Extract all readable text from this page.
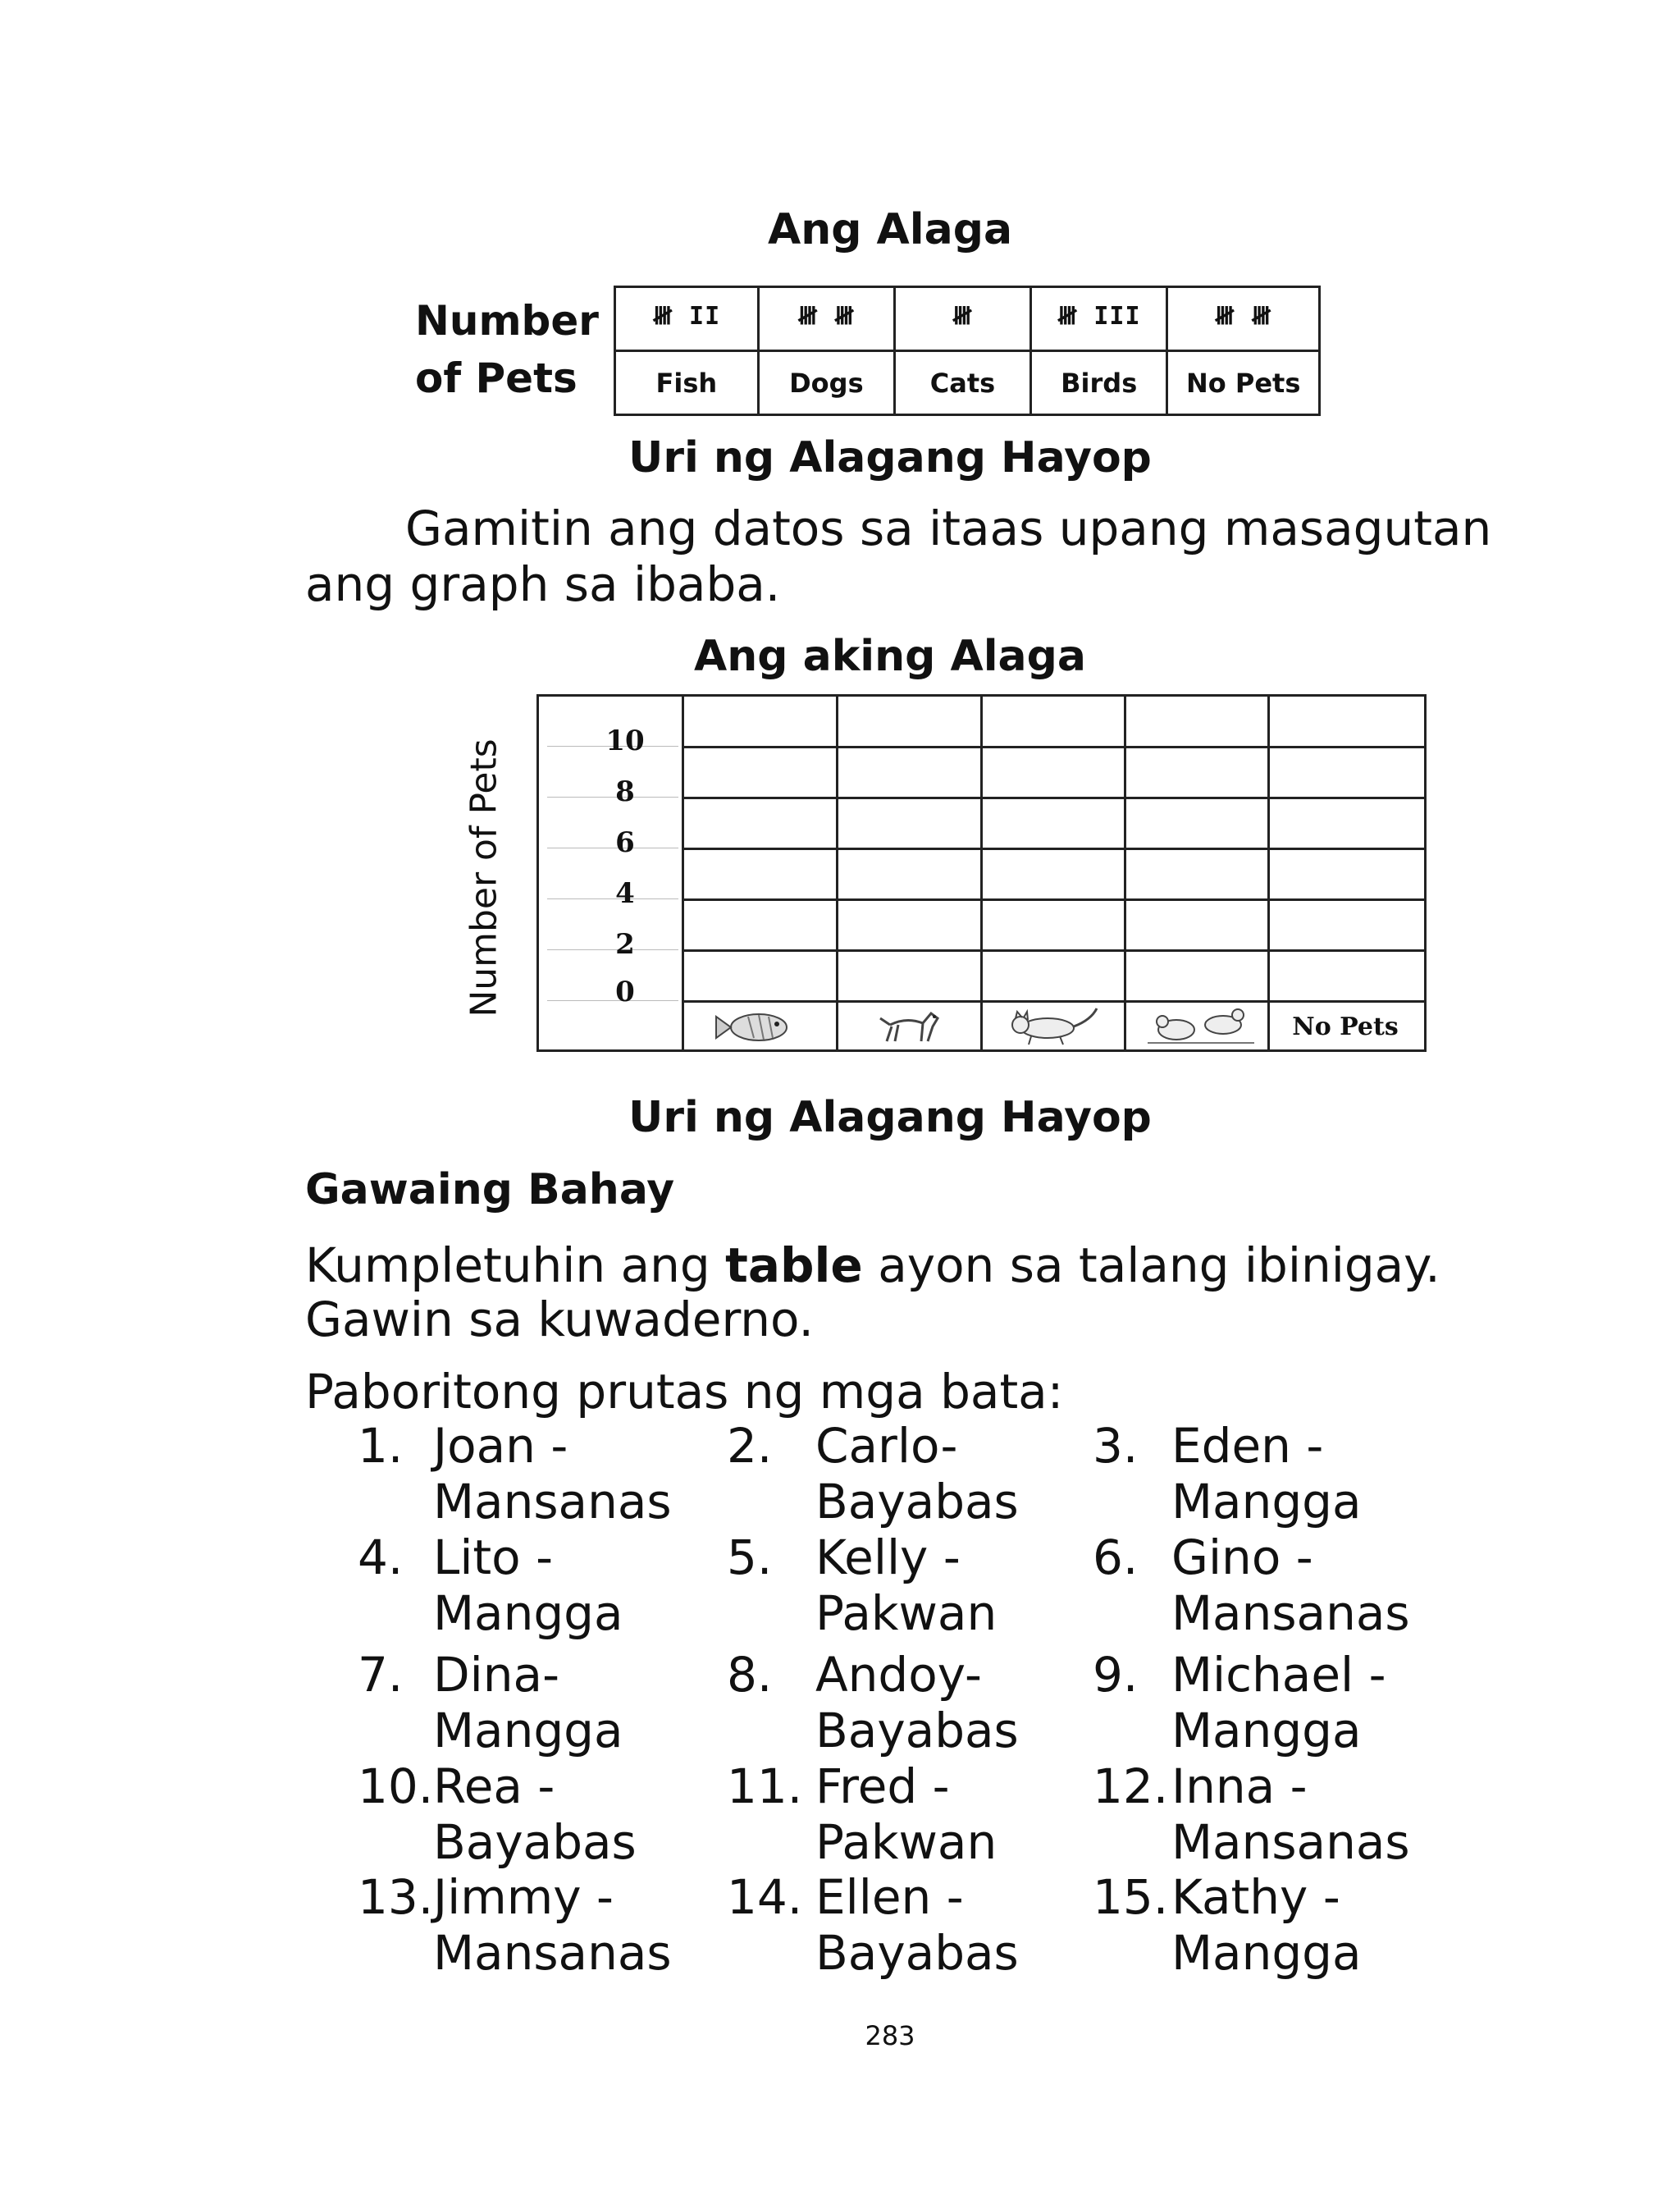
Ang Alaga
Number
of Pets
𝍸 II	𝍸 𝍸	𝍸	𝍸 III	𝍸 𝍸
Fish	Dogs	Cats	Birds	No Pets
Uri ng Alagang Hayop
Gamitin ang datos sa itaas upang masagutan
ang graph sa ibaba.
Ang aking Alaga
Number of Pets	10
8
6
4
2
0
No Pets
Uri ng Alagang Hayop
Gawaing Bahay
Kumpletuhin ang table ayon sa talang ibinigay.
Gawin sa kuwaderno.
Paboritong prutas ng mga bata:
1. Joan -
Mansanas
2. Carlo-
Bayabas
3. Eden -
Mangga
4. Lito -
Mangga
5. Kelly -
Pakwan
6. Gino -
Mansanas
7. Dina-
Mangga
8. Andoy-
Bayabas
9. Michael -
Mangga
10. Rea -
Bayabas
11. Fred -
Pakwan
12. Inna -
Mansanas
13. Jimmy -
Mansanas
14. Ellen -
Bayabas
15. Kathy -
Mangga
283
